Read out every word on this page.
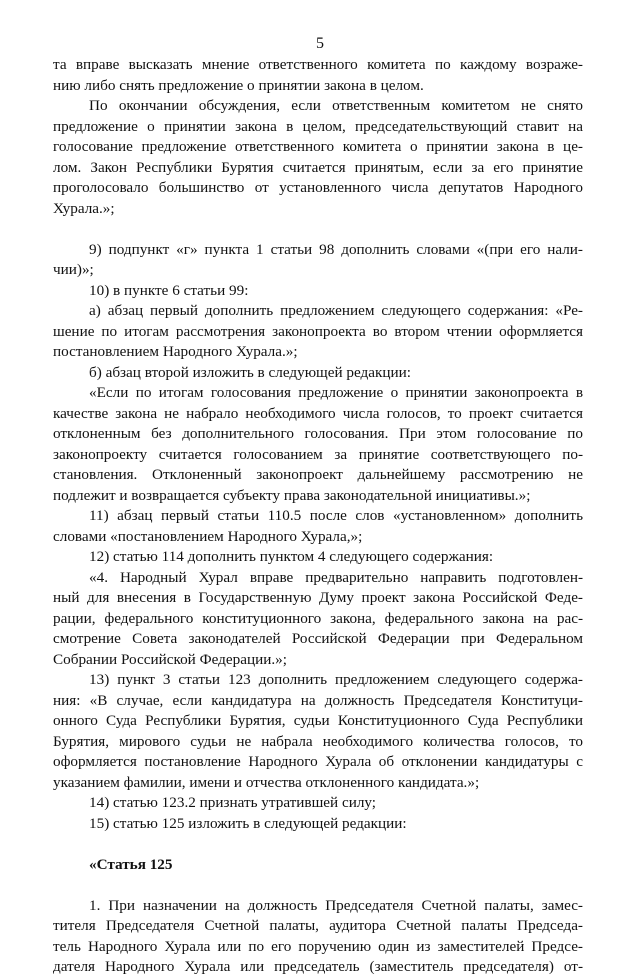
5
та вправе высказать мнение ответственного комитета по каждому возраже-
нию либо снять предложение о принятии закона в целом.
По окончании обсуждения, если ответственным комитетом не снято
предложение о принятии закона в целом, председательствующий ставит на
голосование предложение ответственного комитета о принятии закона в це-
лом. Закон Республики Бурятия считается принятым, если за его принятие
проголосовало большинство от установленного числа депутатов Народного
Хурала.»;
9) подпункт «г» пункта 1 статьи 98 дополнить словами «(при его нали-
чии)»;
10) в пункте 6 статьи 99:
а) абзац первый дополнить предложением следующего содержания: «Ре-
шение по итогам рассмотрения законопроекта во втором чтении оформляется
постановлением Народного Хурала.»;
б) абзац второй изложить в следующей редакции:
«Если по итогам голосования предложение о принятии законопроекта в
качестве закона не набрало необходимого числа голосов, то проект считается
отклоненным без дополнительного голосования. При этом голосование по
законопроекту считается голосованием за принятие соответствующего по-
становления. Отклоненный законопроект дальнейшему рассмотрению не
подлежит и возвращается субъекту права законодательной инициативы.»;
11) абзац первый статьи 110.5 после слов «установленном» дополнить
словами «постановлением Народного Хурала,»;
12) статью 114 дополнить пунктом 4 следующего содержания:
«4. Народный Хурал вправе предварительно направить подготовлен-
ный для внесения в Государственную Думу проект закона Российской Феде-
рации, федерального конституционного закона, федерального закона на рас-
смотрение Совета законодателей Российской Федерации при Федеральном
Собрании Российской Федерации.»;
13) пункт 3 статьи 123 дополнить предложением следующего содержа-
ния: «В случае, если кандидатура на должность Председателя Конституци-
онного Суда Республики Бурятия, судьи Конституционного Суда Республики
Бурятия, мирового судьи не набрала необходимого количества голосов, то
оформляется постановление Народного Хурала об отклонении кандидатуры с
указанием фамилии, имени и отчества отклоненного кандидата.»;
14) статью 123.2 признать утратившей силу;
15) статью 125 изложить в следующей редакции:
«Статья 125
1. При назначении на должность Председателя Счетной палаты, замес-
тителя Председателя Счетной палаты, аудитора Счетной палаты Председа-
тель Народного Хурала или по его поручению один из заместителей Предсе-
дателя Народного Хурала или председатель (заместитель председателя) от-
